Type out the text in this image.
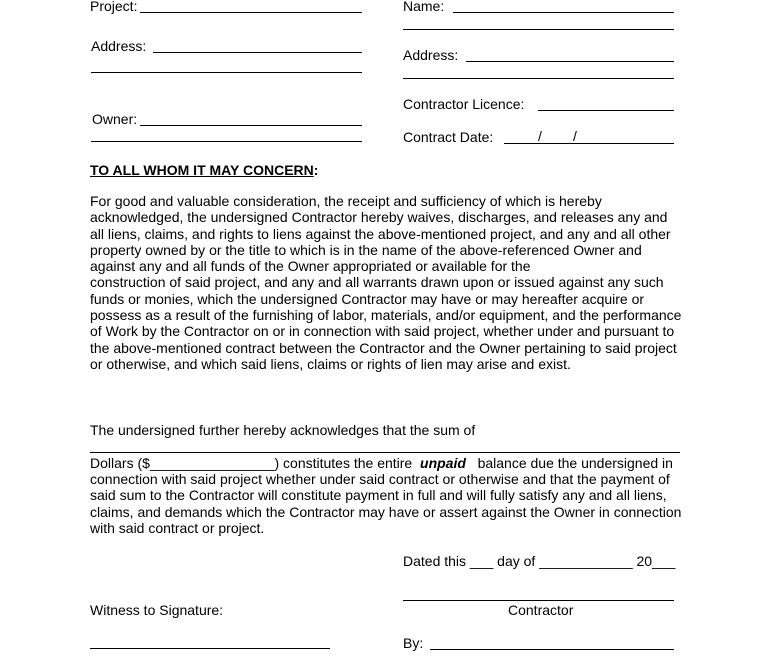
Project:	Name:
Address:
Address:
Contractor Licence:
Owner:
Contract Date:	/ /
TO ALL WHOM IT MAY CONCERN:
For good and valuable consideration, the receipt and sufficiency of which is hereby
acknowledged, the undersigned Contractor hereby waives, discharges, and releases any and
all liens, claims, and rights to liens against the above-mentioned project, and any and all other
property owned by or the title to which is in the name of the above-referenced Owner and
against any and all funds of the Owner appropriated or available for the
construction of said project, and any and all warrants drawn upon or issued against any such
funds or monies, which the undersigned Contractor may have or may hereafter acquire or
possess as a result of the furnishing of labor, materials, and/or equipment, and the performance
of Work by the Contractor on or in connection with said project, whether under and pursuant to
the above-mentioned contract between the Contractor and the Owner pertaining to said project
or otherwise, and which said liens, claims or rights of lien may arise and exist.
The undersigned further hereby acknowledges that the sum of
Dollars ($________________) constitutes the entire unpaid balance due the undersigned in
connection with said project whether under said contract or otherwise and that the payment of
said sum to the Contractor will constitute payment in full and will fully satisfy any and all liens,
claims, and demands which the Contractor may have or assert against the Owner in connection
with said contract or project.
Dated this ___ day of ____________ 20___
Contractor
Witness to Signature:
By:
